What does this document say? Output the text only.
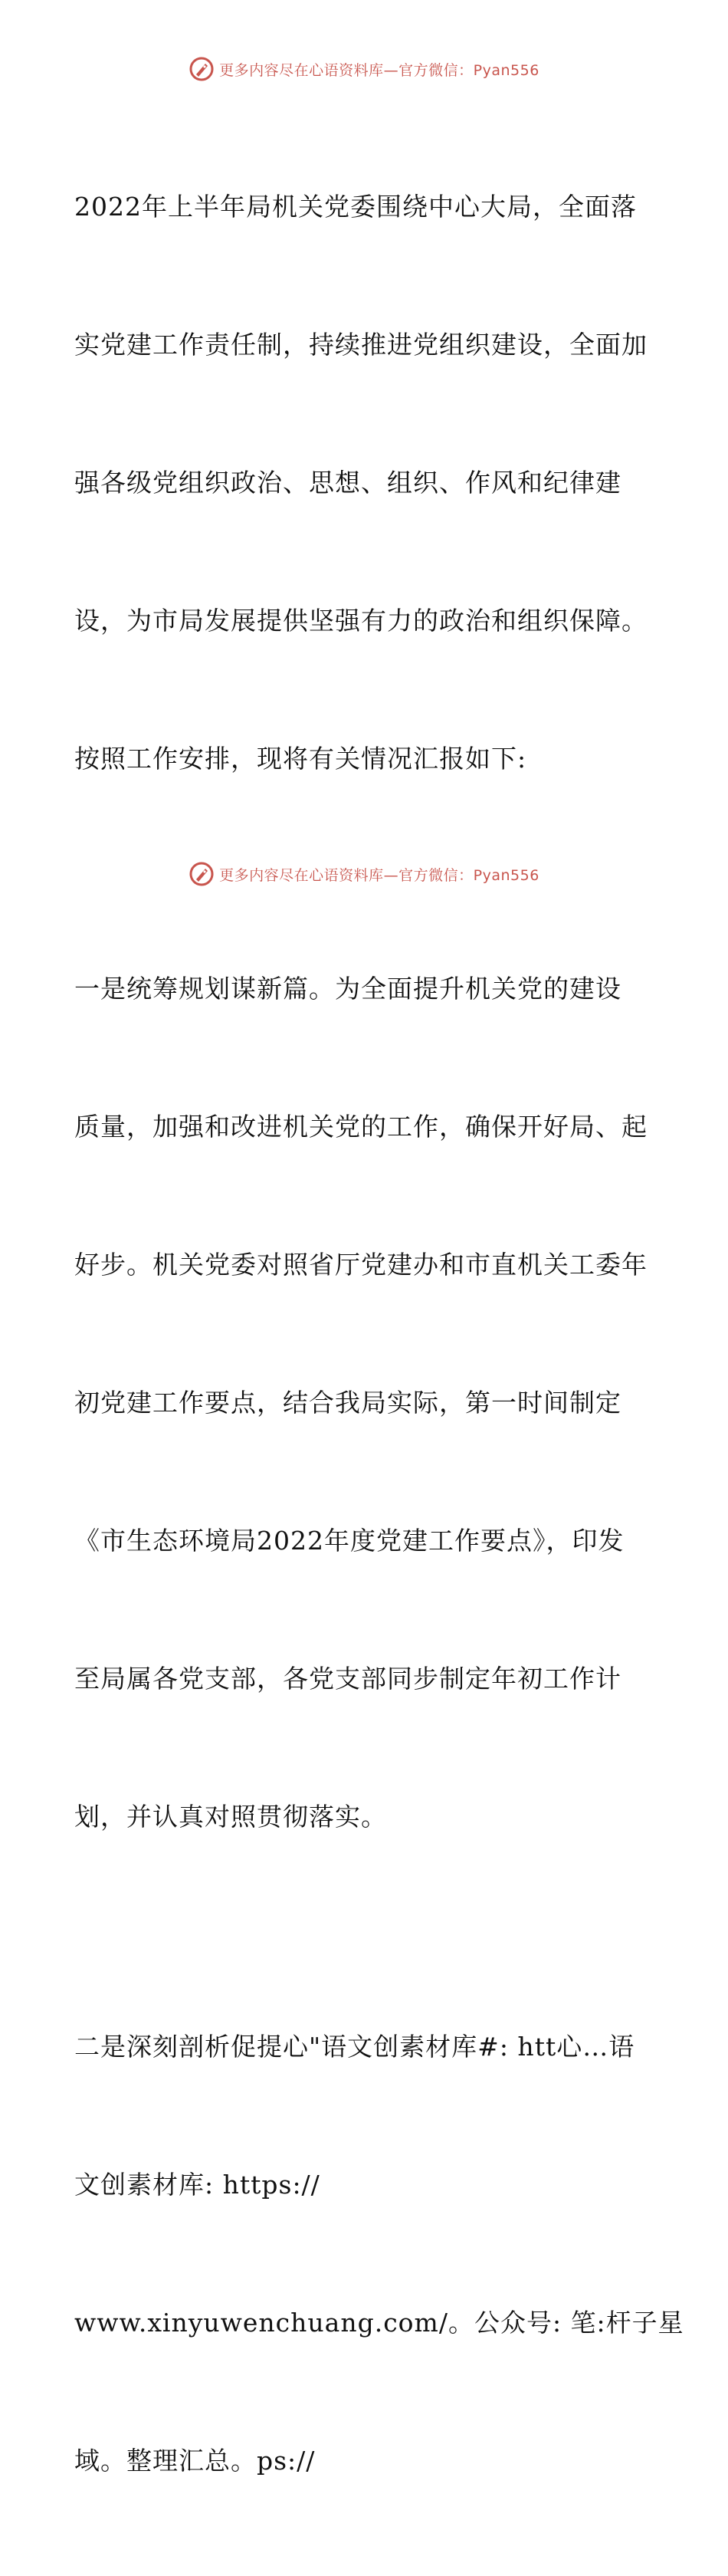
更多内容尽在心语资料库—官方微信：Pyan556

2022年上半年局机关党委围绕中心大局，全面落

实党建工作责任制，持续推进党组织建设，全面加

强各级党组织政治、思想、组织、作风和纪律建

设，为市局发展提供坚强有力的政治和组织保障。

按照工作安排，现将有关情况汇报如下:

一是统筹规划谋新篇。为全面提升机关党的建设

质量，加强和改进机关党的工作，确保开好局、起

好步。机关党委对照省厅党建办和市直机关工委年

初党建工作要点，结合我局实际，第一时间制定

《市生态环境局2022年度党建工作要点》，印发

至局属各党支部，各党支部同步制定年初工作计

划，并认真对照贯彻落实。

二是深刻剖析促提心"语文创素材库#: htt心…语

文创素材库: https://

www.xinyuwenchuang.com/。公众号: 笔:杆子星

域。整理汇总。ps://

更多内容尽在心语资料库—官方微信：Pyan556
